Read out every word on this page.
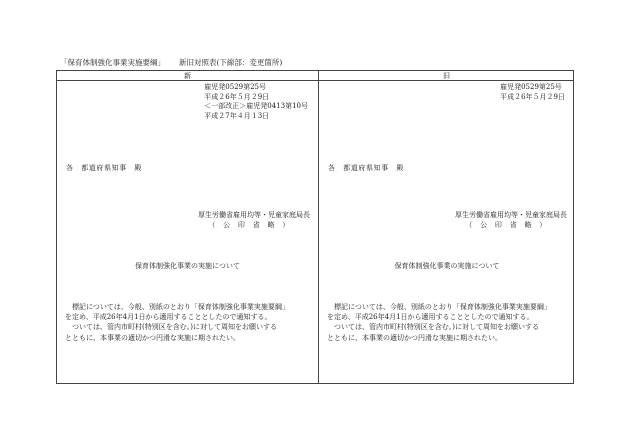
「保育体制強化事業実施要綱」 新旧対照表(下線部：変更箇所)
新	旧
雇児発0529第25号
平成２6年５月２9日
＜一部改正＞雇児発0413第10号
平成２7年４月１3日
各　都道府県知事　殿
厚生労働省雇用均等・児童家庭局長
（　公　印　省　略　）
保育体制強化事業の実施について
　標記については、今般、別紙のとおり「保育体制強化事業実施要綱」
を定め、平成26年4月1日から適用することとしたので通知する。
　ついては、管内市町村(特別区を含む。)に対して周知をお願いする
とともに、本事業の適切かつ円滑な実施に期されたい。
雇児発0529第25号
平成２6年５月２9日
各　都道府県知事　殿
厚生労働省雇用均等・児童家庭局長
（　公　印　省　略　）
保育体制強化事業の実施について
　標記については、今般、別紙のとおり「保育体制強化事業実施要綱」
を定め、平成26年4月1日から適用することとしたので通知する。
　ついては、管内市町村(特別区を含む。)に対して周知をお願いする
とともに、本事業の適切かつ円滑な実施に期されたい。
